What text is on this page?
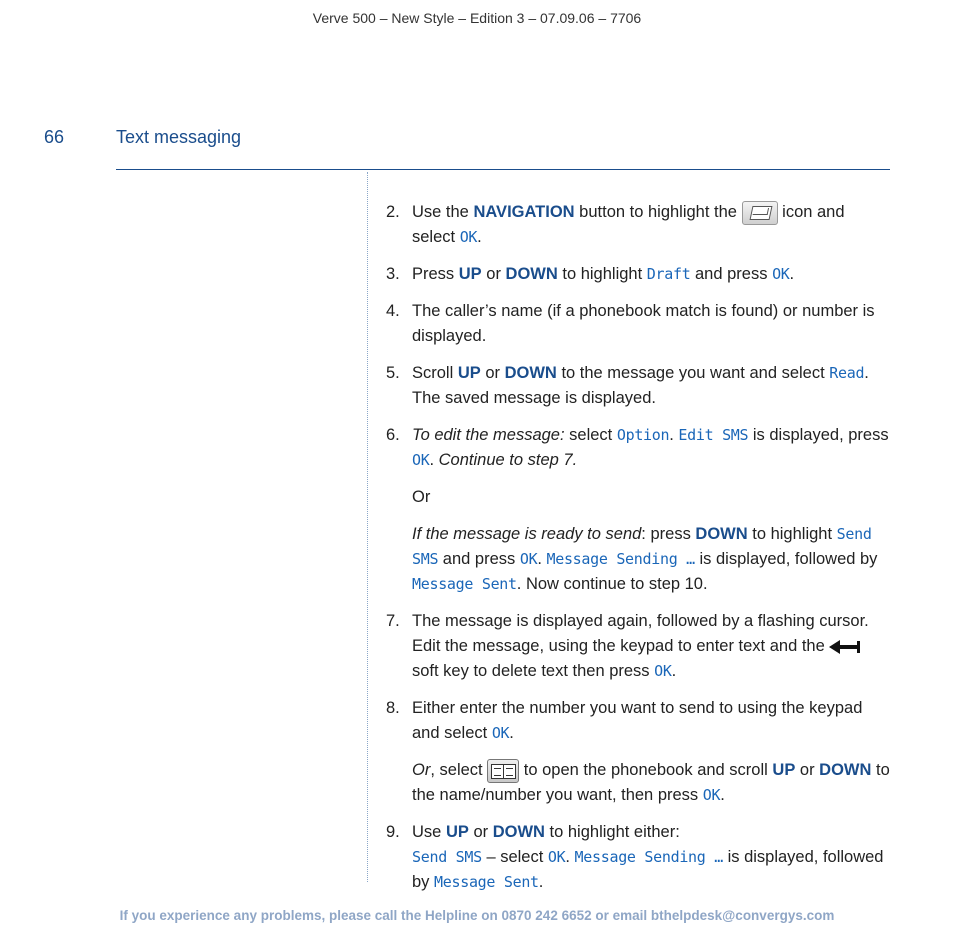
Verve 500 – New Style – Edition 3 – 07.09.06 – 7706
66	Text messaging
2. Use the NAVIGATION button to highlight the
icon and select OK.

3. Press UP or DOWN to highlight Draft and press OK.

4. The caller’s name (if a phonebook match is found) or number is displayed.

5. Scroll UP or DOWN to the message you want and select Read. The saved message is displayed.

6. To edit the message: select Option. Edit SMS is displayed, press OK. Continue to step 7.

Or

If the message is ready to send: press DOWN to highlight Send SMS and press OK. Message Sending … is displayed, followed by Message Sent. Now continue to step 10.

7. The message is displayed again, followed by a flashing cursor. Edit the message, using the keypad to enter text and the
soft key to delete text then press OK.

8. Either enter the number you want to send to using the keypad and select OK.

Or, select
to open the phonebook and scroll UP or DOWN to the name/number you want, then press OK.

9. Use UP or DOWN to highlight either:
Send SMS – select OK. Message Sending … is displayed, followed by Message Sent.

If you experience any problems, please call the Helpline on 0870 242 6652 or email bthelpdesk@convergys.com
